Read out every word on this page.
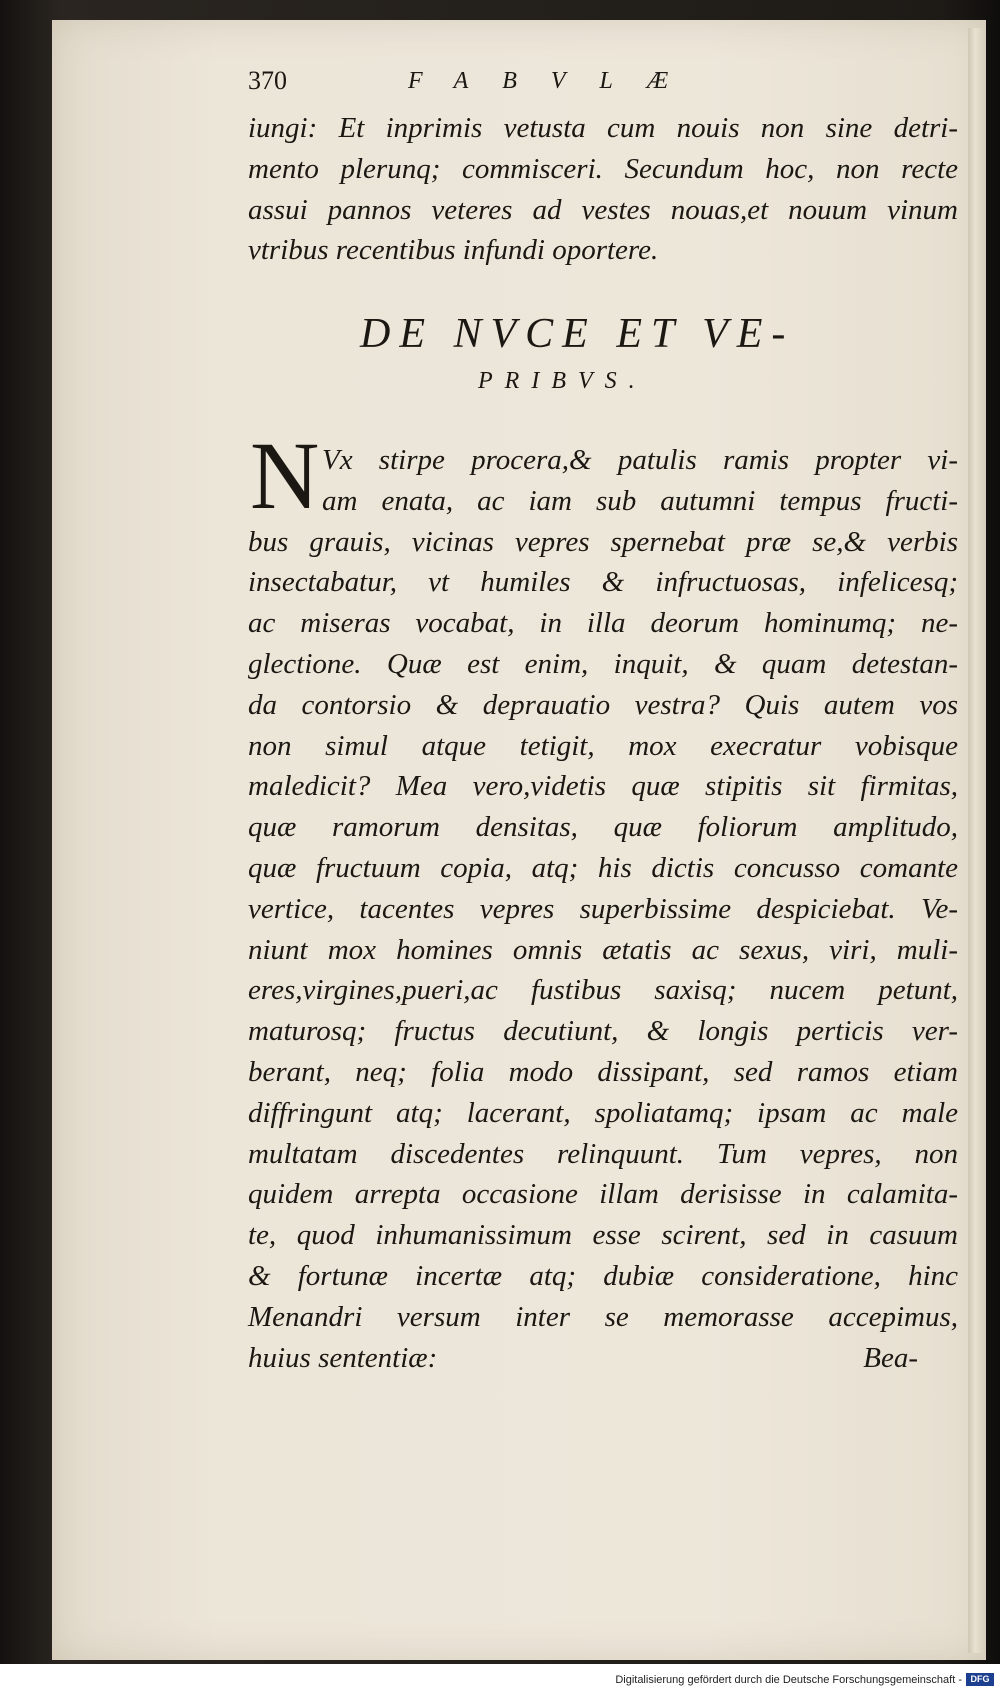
370	FABVLÆ
iungi: Et inprimis vetusta cum nouis non sine detri-
mento plerunq; commisceri. Secundum hoc, non recte
assui pannos veteres ad vestes nouas,et nouum vinum
vtribus recentibus infundi oportere.
DE NVCE ET VE-
PRIBVS.
N Vx stirpe procera,& patulis ramis propter vi-
am enata, ac iam sub autumni tempus fructi-
bus grauis, vicinas vepres spernebat præ se,& verbis
insectabatur, vt humiles & infructuosas, infelicesq;
ac miseras vocabat, in illa deorum hominumq; ne-
glectione. Quæ est enim, inquit, & quam detestan-
da contorsio & deprauatio vestra? Quis autem vos
non simul atque tetigit, mox execratur vobisque
maledicit? Mea vero,videtis quæ stipitis sit firmitas,
quæ ramorum densitas, quæ foliorum amplitudo,
quæ fructuum copia, atq; his dictis concusso comante
vertice, tacentes vepres superbissime despiciebat. Ve-
niunt mox homines omnis ætatis ac sexus, viri, muli-
eres,virgines,pueri,ac fustibus saxisq; nucem petunt,
maturosq; fructus decutiunt, & longis perticis ver-
berant, neq; folia modo dissipant, sed ramos etiam
diffringunt atq; lacerant, spoliatamq; ipsam ac male
multatam discedentes relinquunt. Tum vepres, non
quidem arrepta occasione illam derisisse in calamita-
te, quod inhumanissimum esse scirent, sed in casuum
& fortunæ incertæ atq; dubiæ consideratione, hinc
Menandri versum inter se memorasse accepimus,
huius sententiæ:	Bea-
Digitalisierung gefördert durch die Deutsche Forschungsgemeinschaft - DFG
